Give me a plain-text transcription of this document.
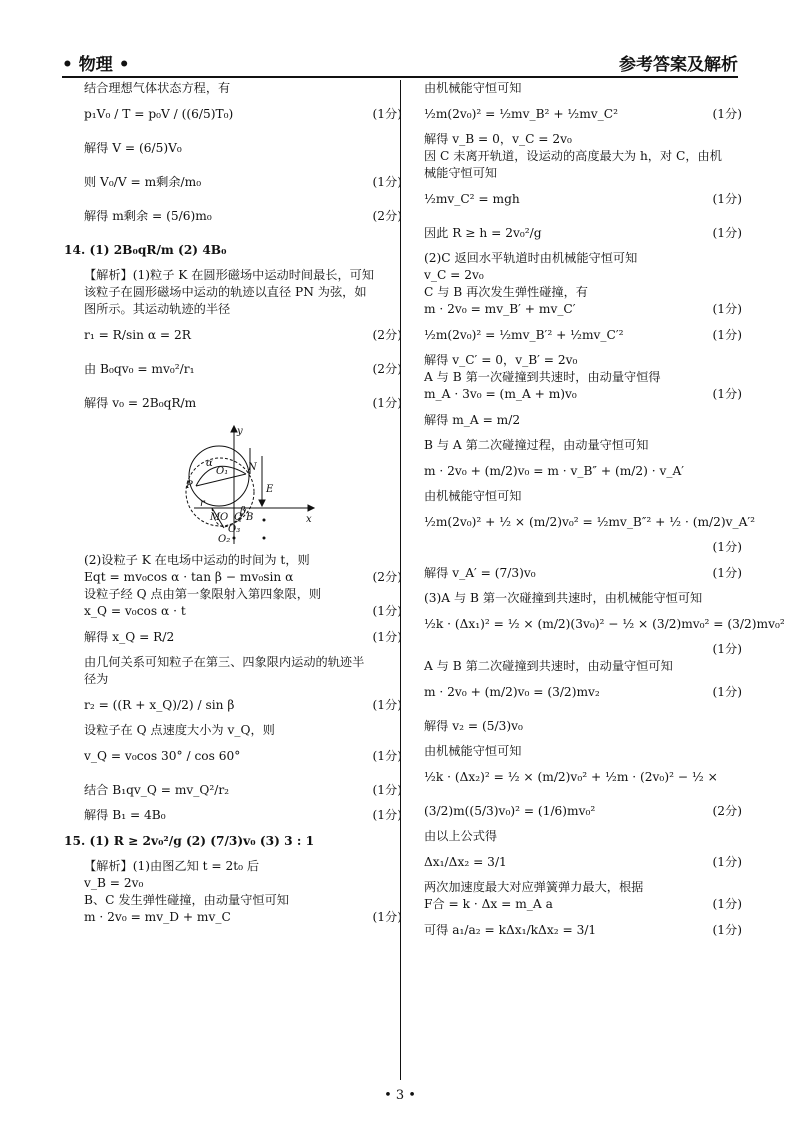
• 物理 •	参考答案及解析
结合理想气体状态方程，有
p₁V₀ / T = p₀V / ((6/5)T₀)	(1分)
解得 V = (6/5)V₀
则 V₀/V = m剩余/m₀	(1分)
解得 m剩余 = (5/6)m₀	(2分)
14. (1) 2B₀qR/m (2) 4B₀
【解析】(1)粒子 K 在圆形磁场中运动时间最长，可知
该粒子在圆形磁场中运动的轨迹以直径 PN 为弦，如
图所示。其运动轨迹的半径
r₁ = R/sin α = 2R	(2分)
由 B₀qv₀ = mv₀²/r₁	(2分)
解得 v₀ = 2B₀qR/m	(1分)
y
x
P
N
E
M O
O₁
O₂
O₃
Q B
α
β
r
(2)设粒子 K 在电场中运动的时间为 t，则
Eqt = mv₀cos α · tan β − mv₀sin α	(2分)
设粒子经 Q 点由第一象限射入第四象限，则
x_Q = v₀cos α · t	(1分)
解得 x_Q = R/2	(1分)
由几何关系可知粒子在第三、四象限内运动的轨迹半
径为
r₂ = ((R + x_Q)/2) / sin β	(1分)
设粒子在 Q 点速度大小为 v_Q，则
v_Q = v₀cos 30° / cos 60°	(1分)
结合 B₁qv_Q = mv_Q²/r₂	(1分)
解得 B₁ = 4B₀	(1分)
15. (1) R ≥ 2v₀²/g (2) (7/3)v₀ (3) 3 : 1
【解析】(1)由图乙知 t = 2t₀ 后
v_B = 2v₀
B、C 发生弹性碰撞，由动量守恒可知
m · 2v₀ = mv_D + mv_C	(1分)
由机械能守恒可知
½m(2v₀)² = ½mv_B² + ½mv_C²	(1分)
解得 v_B = 0，v_C = 2v₀
因 C 未离开轨道，设运动的高度最大为 h，对 C，由机
械能守恒可知
½mv_C² = mgh	(1分)
因此 R ≥ h = 2v₀²/g	(1分)
(2)C 返回水平轨道时由机械能守恒可知
v_C = 2v₀
C 与 B 再次发生弹性碰撞，有
m · 2v₀ = mv_B′ + mv_C′	(1分)
½m(2v₀)² = ½mv_B′² + ½mv_C′²	(1分)
解得 v_C′ = 0，v_B′ = 2v₀
A 与 B 第一次碰撞到共速时，由动量守恒得
m_A · 3v₀ = (m_A + m)v₀	(1分)
解得 m_A = m/2
B 与 A 第二次碰撞过程，由动量守恒可知
m · 2v₀ + (m/2)v₀ = m · v_B″ + (m/2) · v_A′
由机械能守恒可知
½m(2v₀)² + ½ × (m/2)v₀² = ½mv_B″² + ½ · (m/2)v_A′²
(1分)
解得 v_A′ = (7/3)v₀	(1分)
(3)A 与 B 第一次碰撞到共速时，由机械能守恒可知
½k · (Δx₁)² = ½ × (m/2)(3v₀)² − ½ × (3/2)mv₀² = (3/2)mv₀²
(1分)
A 与 B 第二次碰撞到共速时，由动量守恒可知
m · 2v₀ + (m/2)v₀ = (3/2)mv₂	(1分)
解得 v₂ = (5/3)v₀
由机械能守恒可知
½k · (Δx₂)² = ½ × (m/2)v₀² + ½m · (2v₀)² − ½ ×
(3/2)m((5/3)v₀)² = (1/6)mv₀²	(2分)
由以上公式得
Δx₁/Δx₂ = 3/1	(1分)
两次加速度最大对应弹簧弹力最大，根据
F合 = k · Δx = m_A a	(1分)
可得 a₁/a₂ = kΔx₁/kΔx₂ = 3/1	(1分)
• 3 •
